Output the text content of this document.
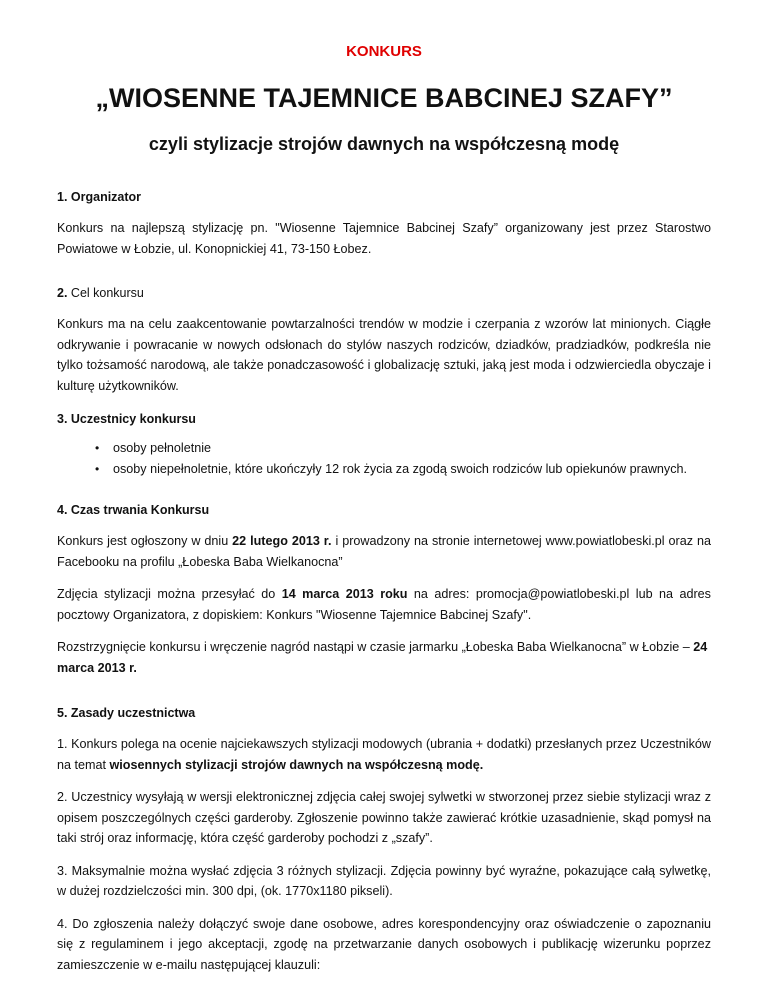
KONKURS
„WIOSENNE TAJEMNICE BABCINEJ SZAFY”
czyli stylizacje strojów dawnych na współczesną modę
1. Organizator

Konkurs na najlepszą stylizację pn. "Wiosenne Tajemnice Babcinej Szafy” organizowany jest przez Starostwo Powiatowe w Łobzie, ul. Konopnickiej 41, 73-150 Łobez.

2. Cel konkursu

Konkurs ma na celu zaakcentowanie powtarzalności trendów w modzie i czerpania z wzorów lat minionych. Ciągłe odkrywanie i powracanie w nowych odsłonach do stylów naszych rodziców, dziadków, pradziadków, podkreśla nie tylko tożsamość narodową, ale także ponadczasowość i globalizację sztuki, jaką jest moda i odzwierciedla obyczaje i kulturę użytkowników.

3. Uczestnicy konkursu
• osoby pełnoletnie
• osoby niepełnoletnie, które ukończyły 12 rok życia za zgodą swoich rodziców lub opiekunów prawnych.
4. Czas trwania Konkursu

Konkurs jest ogłoszony w dniu 22 lutego 2013 r. i prowadzony na stronie internetowej www.powiatlobeski.pl oraz na Facebooku na profilu „Łobeska Baba Wielkanocna”

Zdjęcia stylizacji można przesyłać do 14 marca 2013 roku na adres: promocja@powiatlobeski.pl lub na adres pocztowy Organizatora, z dopiskiem: Konkurs "Wiosenne Tajemnice Babcinej Szafy".

Rozstrzygnięcie konkursu i wręczenie nagród nastąpi w czasie jarmarku „Łobeska Baba Wielkanocna” w Łobzie – 24 marca 2013 r.

5. Zasady uczestnictwa

1. Konkurs polega na ocenie najciekawszych stylizacji modowych (ubrania + dodatki) przesłanych przez Uczestników na temat wiosennych stylizacji strojów dawnych na współczesną modę.

2. Uczestnicy wysyłają w wersji elektronicznej zdjęcia całej swojej sylwetki w stworzonej przez siebie stylizacji wraz z opisem poszczególnych części garderoby. Zgłoszenie powinno także zawierać krótkie uzasadnienie, skąd pomysł na taki strój oraz informację, która część garderoby pochodzi z „szafy”.

3. Maksymalnie można wysłać zdjęcia 3 różnych stylizacji. Zdjęcia powinny być wyraźne, pokazujące całą sylwetkę, w dużej rozdzielczości min. 300 dpi, (ok. 1770x1180 pikseli).

4. Do zgłoszenia należy dołączyć swoje dane osobowe, adres korespondencyjny oraz oświadczenie o zapoznaniu się z regulaminem i jego akceptacji, zgodę na przetwarzanie danych osobowych i publikację wizerunku poprzez zamieszczenie w e-mailu następującej klauzuli:
